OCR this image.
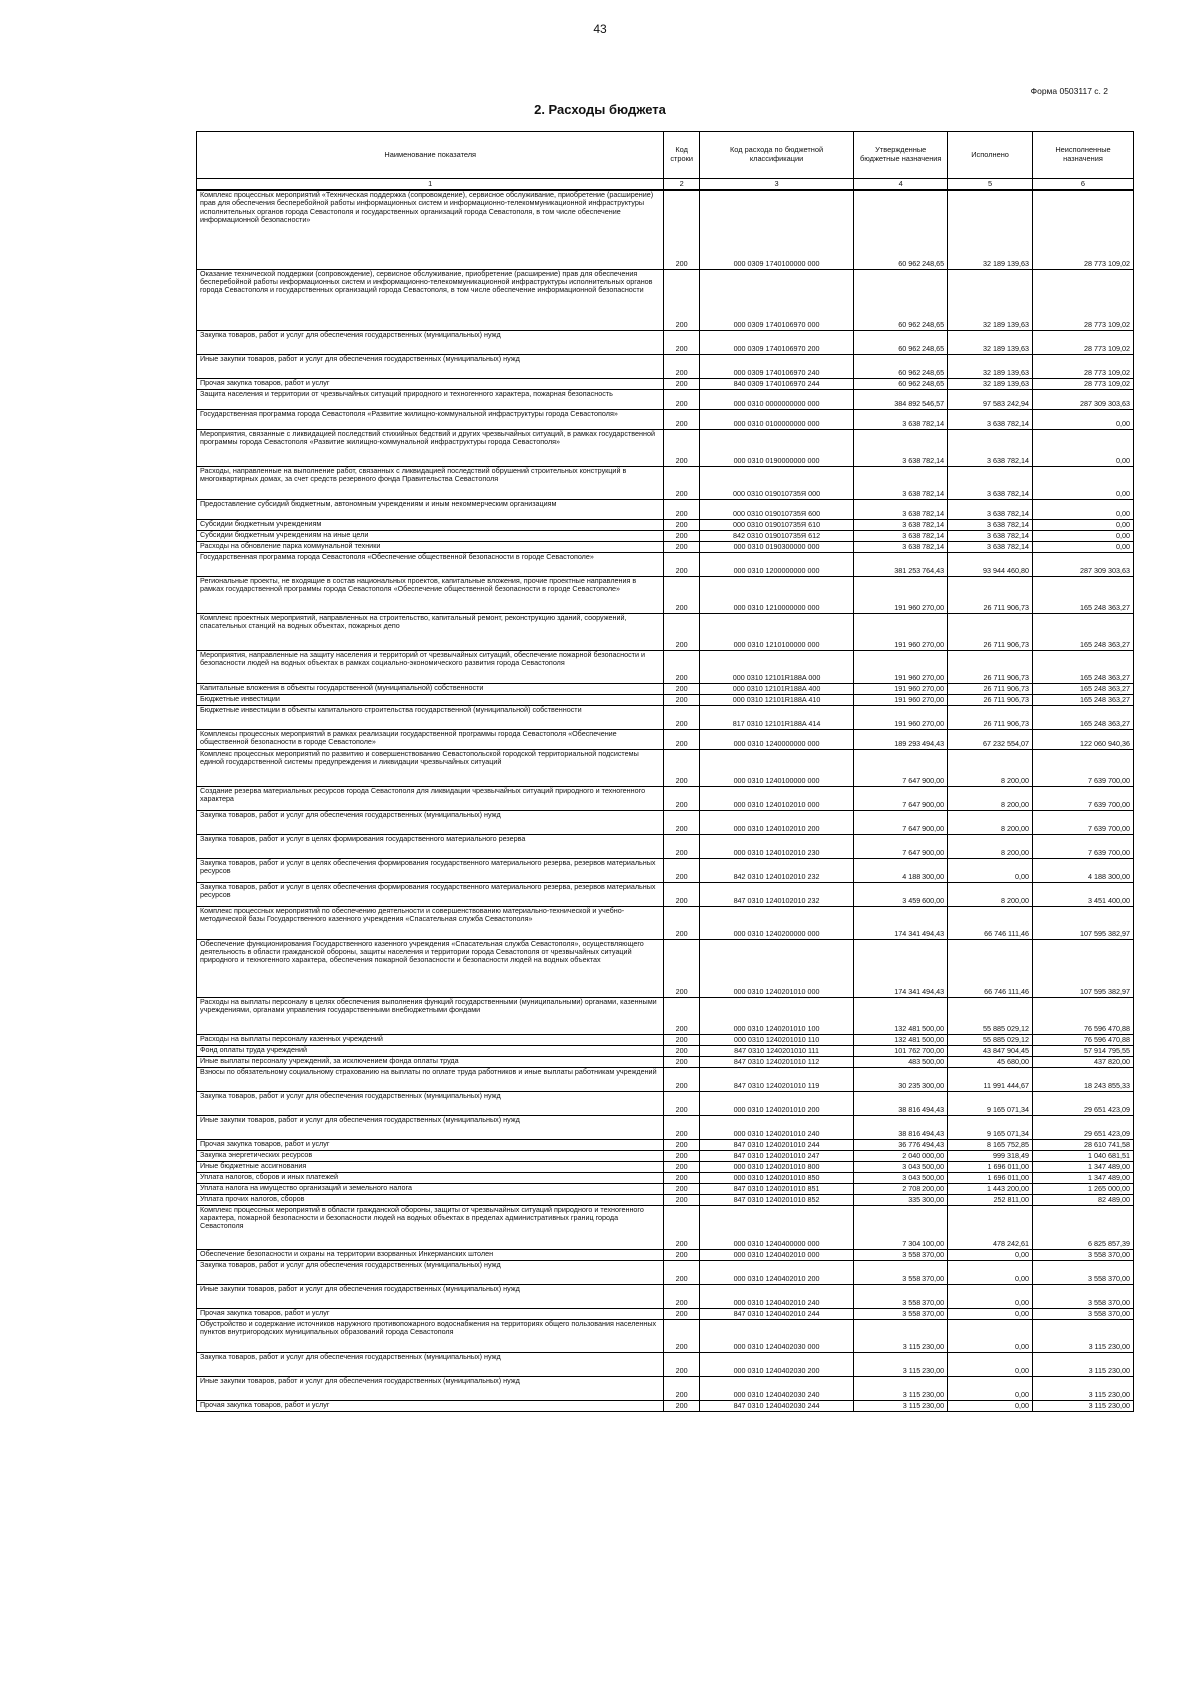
43
Форма 0503117 с. 2
2. Расходы бюджета
Наименование показателя	Код строки	Код расхода по бюджетной классификации	Утвержденные бюджетные назначения	Исполнено	Неисполненные назначения
1	2	3	4	5	6
Комплекс процессных мероприятий «Техническая поддержка (сопровождение), сервисное обслуживание, приобретение (расширение) прав для обеспечения бесперебойной работы информационных систем и информационно-телекоммуникационной инфраструктуры исполнительных органов города Севастополя и государственных организаций города Севастополя, в том числе обеспечение информационной безопасности»	200	000 0309 1740100000 000	60 962 248,65	32 189 139,63	28 773 109,02
Оказание технической поддержки (сопровождение), сервисное обслуживание, приобретение (расширение) прав для обеспечения бесперебойной работы информационных систем и информационно-телекоммуникационной инфраструктуры исполнительных органов города Севастополя и государственных организаций города Севастополя, в том числе обеспечение информационной безопасности	200	000 0309 1740106970 000	60 962 248,65	32 189 139,63	28 773 109,02
Закупка товаров, работ и услуг для обеспечения государственных (муниципальных) нужд	200	000 0309 1740106970 200	60 962 248,65	32 189 139,63	28 773 109,02
Иные закупки товаров, работ и услуг для обеспечения государственных (муниципальных) нужд	200	000 0309 1740106970 240	60 962 248,65	32 189 139,63	28 773 109,02
Прочая закупка товаров, работ и услуг	200	840 0309 1740106970 244	60 962 248,65	32 189 139,63	28 773 109,02
Защита населения и территории от чрезвычайных ситуаций природного и техногенного характера, пожарная безопасность	200	000 0310 0000000000 000	384 892 546,57	97 583 242,94	287 309 303,63
Государственная программа города Севастополя «Развитие жилищно-коммунальной инфраструктуры города Севастополя»	200	000 0310 0100000000 000	3 638 782,14	3 638 782,14	0,00
Мероприятия, связанные с ликвидацией последствий стихийных бедствий и других чрезвычайных ситуаций, в рамках государственной программы города Севастополя «Развитие жилищно-коммунальной инфраструктуры города Севастополя»	200	000 0310 0190000000 000	3 638 782,14	3 638 782,14	0,00
Расходы, направленные на выполнение работ, связанных с ликвидацией последствий обрушений строительных конструкций в многоквартирных домах, за счет средств резервного фонда Правительства Севастополя	200	000 0310 019010735Я 000	3 638 782,14	3 638 782,14	0,00
Предоставление субсидий бюджетным, автономным учреждениям и иным некоммерческим организациям	200	000 0310 019010735Я 600	3 638 782,14	3 638 782,14	0,00
Субсидии бюджетным учреждениям	200	000 0310 019010735Я 610	3 638 782,14	3 638 782,14	0,00
Субсидии бюджетным учреждениям на иные цели	200	842 0310 019010735Я 612	3 638 782,14	3 638 782,14	0,00
Расходы на обновление парка коммунальной техники	200	000 0310 0190300000 000	3 638 782,14	3 638 782,14	0,00
Государственная программа города Севастополя «Обеспечение общественной безопасности в городе Севастополе»	200	000 0310 1200000000 000	381 253 764,43	93 944 460,80	287 309 303,63
Региональные проекты, не входящие в состав национальных проектов, капитальные вложения, прочие проектные направления в рамках государственной программы города Севастополя «Обеспечение общественной безопасности в городе Севастополе»	200	000 0310 1210000000 000	191 960 270,00	26 711 906,73	165 248 363,27
Комплекс проектных мероприятий, направленных на строительство, капитальный ремонт, реконструкцию зданий, сооружений, спасательных станций на водных объектах, пожарных депо	200	000 0310 1210100000 000	191 960 270,00	26 711 906,73	165 248 363,27
Мероприятия, направленные на защиту населения и территорий от чрезвычайных ситуаций, обеспечение пожарной безопасности и безопасности людей на водных объектах в рамках социально-экономического развития города Севастополя	200	000 0310 12101R188A 000	191 960 270,00	26 711 906,73	165 248 363,27
Капитальные вложения в объекты государственной (муниципальной) собственности	200	000 0310 12101R188A 400	191 960 270,00	26 711 906,73	165 248 363,27
Бюджетные инвестиции	200	000 0310 12101R188A 410	191 960 270,00	26 711 906,73	165 248 363,27
Бюджетные инвестиции в объекты капитального строительства государственной (муниципальной) собственности	200	817 0310 12101R188A 414	191 960 270,00	26 711 906,73	165 248 363,27
Комплексы процессных мероприятий в рамках реализации государственной программы города Севастополя «Обеспечение общественной безопасности в городе Севастополе»	200	000 0310 1240000000 000	189 293 494,43	67 232 554,07	122 060 940,36
Комплекс процессных мероприятий по развитию и совершенствованию Севастопольской городской территориальной подсистемы единой государственной системы предупреждения и ликвидации чрезвычайных ситуаций	200	000 0310 1240100000 000	7 647 900,00	8 200,00	7 639 700,00
Создание резерва материальных ресурсов города Севастополя для ликвидации чрезвычайных ситуаций природного и техногенного характера	200	000 0310 1240102010 000	7 647 900,00	8 200,00	7 639 700,00
Закупка товаров, работ и услуг для обеспечения государственных (муниципальных) нужд	200	000 0310 1240102010 200	7 647 900,00	8 200,00	7 639 700,00
Закупка товаров, работ и услуг в целях формирования государственного материального резерва	200	000 0310 1240102010 230	7 647 900,00	8 200,00	7 639 700,00
Закупка товаров, работ и услуг в целях обеспечения формирования государственного материального резерва, резервов материальных ресурсов	200	842 0310 1240102010 232	4 188 300,00	0,00	4 188 300,00
Закупка товаров, работ и услуг в целях обеспечения формирования государственного материального резерва, резервов материальных ресурсов	200	847 0310 1240102010 232	3 459 600,00	8 200,00	3 451 400,00
Комплекс процессных мероприятий по обеспечению деятельности и совершенствованию материально-технической и учебно-методической базы Государственного казенного учреждения «Спасательная служба Севастополя»	200	000 0310 1240200000 000	174 341 494,43	66 746 111,46	107 595 382,97
Обеспечение функционирования Государственного казенного учреждения «Спасательная служба Севастополя», осуществляющего деятельность в области гражданской обороны, защиты населения и территории города Севастополя от чрезвычайных ситуаций природного и техногенного характера, обеспечения пожарной безопасности и безопасности людей на водных объектах	200	000 0310 1240201010 000	174 341 494,43	66 746 111,46	107 595 382,97
Расходы на выплаты персоналу в целях обеспечения выполнения функций государственными (муниципальными) органами, казенными учреждениями, органами управления государственными внебюджетными фондами	200	000 0310 1240201010 100	132 481 500,00	55 885 029,12	76 596 470,88
Расходы на выплаты персоналу казенных учреждений	200	000 0310 1240201010 110	132 481 500,00	55 885 029,12	76 596 470,88
Фонд оплаты труда учреждений	200	847 0310 1240201010 111	101 762 700,00	43 847 904,45	57 914 795,55
Иные выплаты персоналу учреждений, за исключением фонда оплаты труда	200	847 0310 1240201010 112	483 500,00	45 680,00	437 820,00
Взносы по обязательному социальному страхованию на выплаты по оплате труда работников и иные выплаты работникам учреждений	200	847 0310 1240201010 119	30 235 300,00	11 991 444,67	18 243 855,33
Закупка товаров, работ и услуг для обеспечения государственных (муниципальных) нужд	200	000 0310 1240201010 200	38 816 494,43	9 165 071,34	29 651 423,09
Иные закупки товаров, работ и услуг для обеспечения государственных (муниципальных) нужд	200	000 0310 1240201010 240	38 816 494,43	9 165 071,34	29 651 423,09
Прочая закупка товаров, работ и услуг	200	847 0310 1240201010 244	36 776 494,43	8 165 752,85	28 610 741,58
Закупка энергетических ресурсов	200	847 0310 1240201010 247	2 040 000,00	999 318,49	1 040 681,51
Иные бюджетные ассигнования	200	000 0310 1240201010 800	3 043 500,00	1 696 011,00	1 347 489,00
Уплата налогов, сборов и иных платежей	200	000 0310 1240201010 850	3 043 500,00	1 696 011,00	1 347 489,00
Уплата налога на имущество организаций и земельного налога	200	847 0310 1240201010 851	2 708 200,00	1 443 200,00	1 265 000,00
Уплата прочих налогов, сборов	200	847 0310 1240201010 852	335 300,00	252 811,00	82 489,00
Комплекс процессных мероприятий в области гражданской обороны, защиты от чрезвычайных ситуаций природного и техногенного характера, пожарной безопасности и безопасности людей на водных объектах в пределах административных границ города Севастополя	200	000 0310 1240400000 000	7 304 100,00	478 242,61	6 825 857,39
Обеспечение безопасности и охраны на территории взорванных Инкерманских штолен	200	000 0310 1240402010 000	3 558 370,00	0,00	3 558 370,00
Закупка товаров, работ и услуг для обеспечения государственных (муниципальных) нужд	200	000 0310 1240402010 200	3 558 370,00	0,00	3 558 370,00
Иные закупки товаров, работ и услуг для обеспечения государственных (муниципальных) нужд	200	000 0310 1240402010 240	3 558 370,00	0,00	3 558 370,00
Прочая закупка товаров, работ и услуг	200	847 0310 1240402010 244	3 558 370,00	0,00	3 558 370,00
Обустройство и содержание источников наружного противопожарного водоснабжения на территориях общего пользования населенных пунктов внутригородских муниципальных образований города Севастополя	200	000 0310 1240402030 000	3 115 230,00	0,00	3 115 230,00
Закупка товаров, работ и услуг для обеспечения государственных (муниципальных) нужд	200	000 0310 1240402030 200	3 115 230,00	0,00	3 115 230,00
Иные закупки товаров, работ и услуг для обеспечения государственных (муниципальных) нужд	200	000 0310 1240402030 240	3 115 230,00	0,00	3 115 230,00
Прочая закупка товаров, работ и услуг	200	847 0310 1240402030 244	3 115 230,00	0,00	3 115 230,00
